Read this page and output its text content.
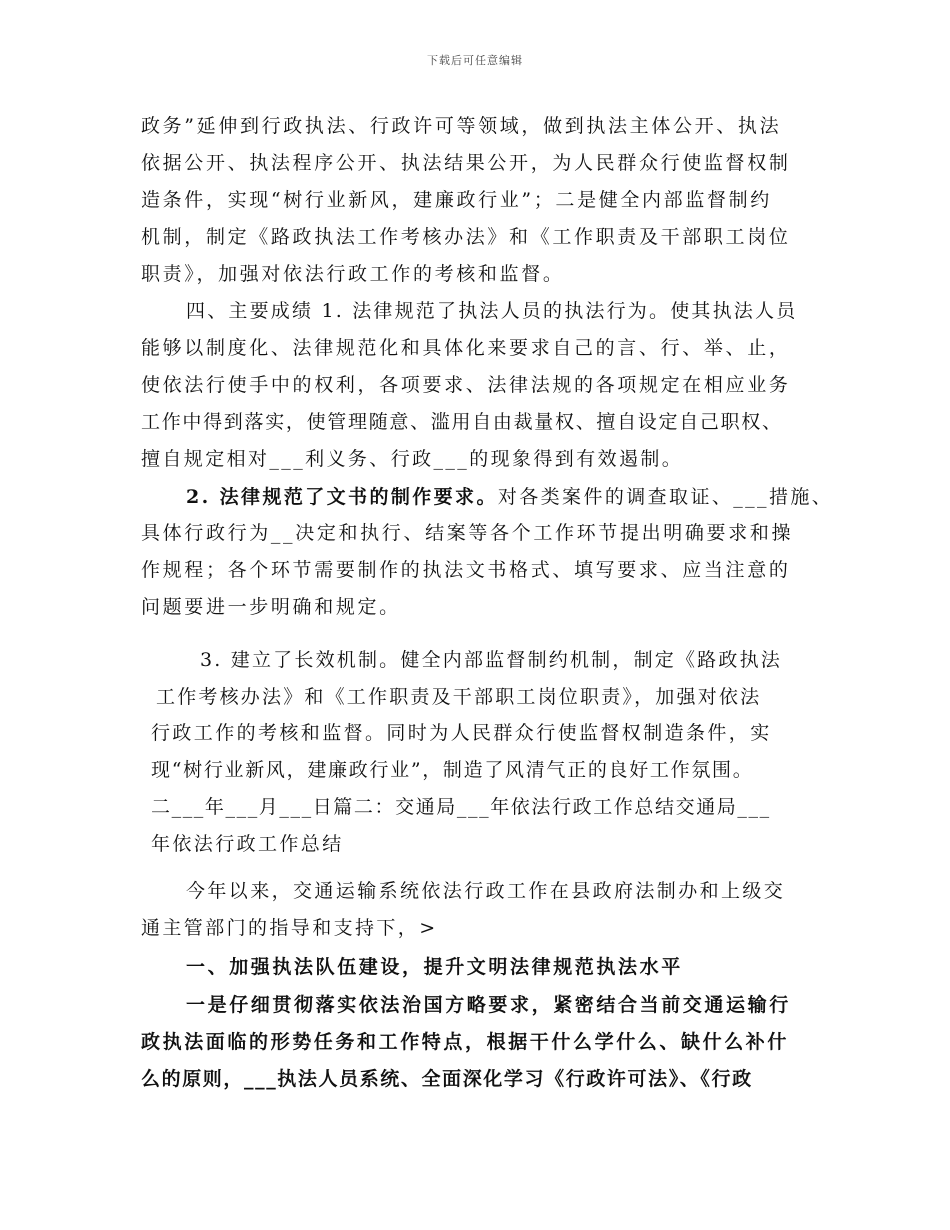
下载后可任意编辑
政务”延伸到行政执法、行政许可等领域，做到执法主体公开、执法
依据公开、执法程序公开、执法结果公开，为人民群众行使监督权制
造条件，实现“树行业新风，建廉政行业”；二是健全内部监督制约
机制，制定《路政执法工作考核办法》和《工作职责及干部职工岗位
职责》，加强对依法行政工作的考核和监督。
四、主要成绩 1. 法律规范了执法人员的执法行为。使其执法人员
能够以制度化、法律规范化和具体化来要求自己的言、行、举、止，
使依法行使手中的权利，各项要求、法律法规的各项规定在相应业务
工作中得到落实，使管理随意、滥用自由裁量权、擅自设定自己职权、
擅自规定相对___利义务、行政___的现象得到有效遏制。
2. 法律规范了文书的制作要求。对各类案件的调查取证、___措施、
具体行政行为__决定和执行、结案等各个工作环节提出明确要求和操
作规程；各个环节需要制作的执法文书格式、填写要求、应当注意的
问题要进一步明确和规定。
3. 建立了长效机制。健全内部监督制约机制，制定《路政执法
工作考核办法》和《工作职责及干部职工岗位职责》，加强对依法
行政工作的考核和监督。同时为人民群众行使监督权制造条件，实
现“树行业新风，建廉政行业”，制造了风清气正的良好工作氛围。
二___年___月___日篇二：交通局___年依法行政工作总结交通局___
年依法行政工作总结
今年以来，交通运输系统依法行政工作在县政府法制办和上级交
通主管部门的指导和支持下，>
一、加强执法队伍建设，提升文明法律规范执法水平
一是仔细贯彻落实依法治国方略要求，紧密结合当前交通运输行
政执法面临的形势任务和工作特点，根据干什么学什么、缺什么补什
么的原则，___执法人员系统、全面深化学习《行政许可法》、《行政
